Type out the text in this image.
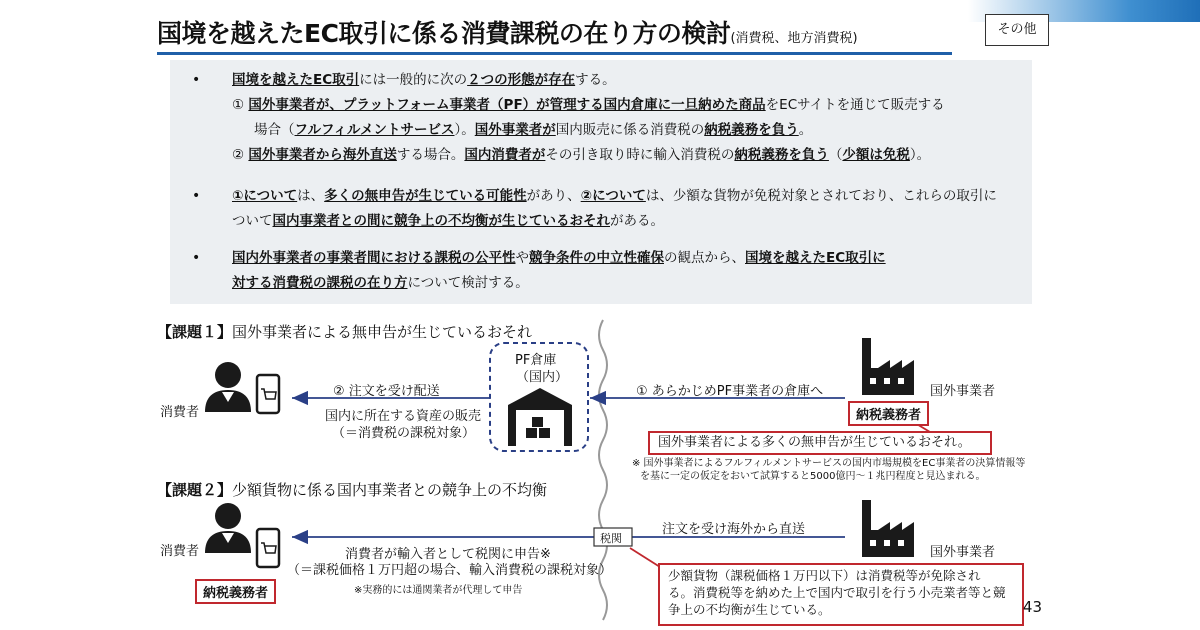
国境を越えたEC取引に係る消費課税の在り方の検討(消費税、地方消費税)
その他
• 国境を越えたEC取引には一般的に次の２つの形態が存在する。
① 国外事業者が、プラットフォーム事業者（PF）が管理する国内倉庫に一旦納めた商品をECサイトを通じて販売する
場合（フルフィルメントサービス）。国外事業者が国内販売に係る消費税の納税義務を負う。
② 国外事業者から海外直送する場合。国内消費者がその引き取り時に輸入消費税の納税義務を負う（少額は免税）。
• ①については、多くの無申告が生じている可能性があり、②については、少額な貨物が免税対象とされており、これらの取引に
ついて国内事業者との間に競争上の不均衡が生じているおそれがある。
• 国内外事業者の事業者間における課税の公平性や競争条件の中立性確保の観点から、国境を越えたEC取引に
対する消費税の課税の在り方について検討する。
【課題１】国外事業者による無申告が生じているおそれ
消費者
② 注文を受け配送
国内に所在する資産の販売
（＝消費税の課税対象）
PF倉庫
（国内）
① あらかじめPF事業者の倉庫へ	国外事業者
納税義務者
国外事業者による多くの無申告が生じているおそれ。
※ 国外事業者によるフルフィルメントサービスの国内市場規模をEC事業者の決算情報等
を基に一定の仮定をおいて試算すると5000億円～１兆円程度と見込まれる。
【課題２】少額貨物に係る国内事業者との競争上の不均衡
消費者
納税義務者
税関
注文を受け海外から直送
消費者が輸入者として税関に申告※
（＝課税価格１万円超の場合、輸入消費税の課税対象）
※実務的には通関業者が代理して申告
国外事業者
少額貨物（課税価格１万円以下）は消費税等が免除され
る。消費税等を納めた上で国内で取引を行う小売業者等と競
争上の不均衡が生じている。	43
